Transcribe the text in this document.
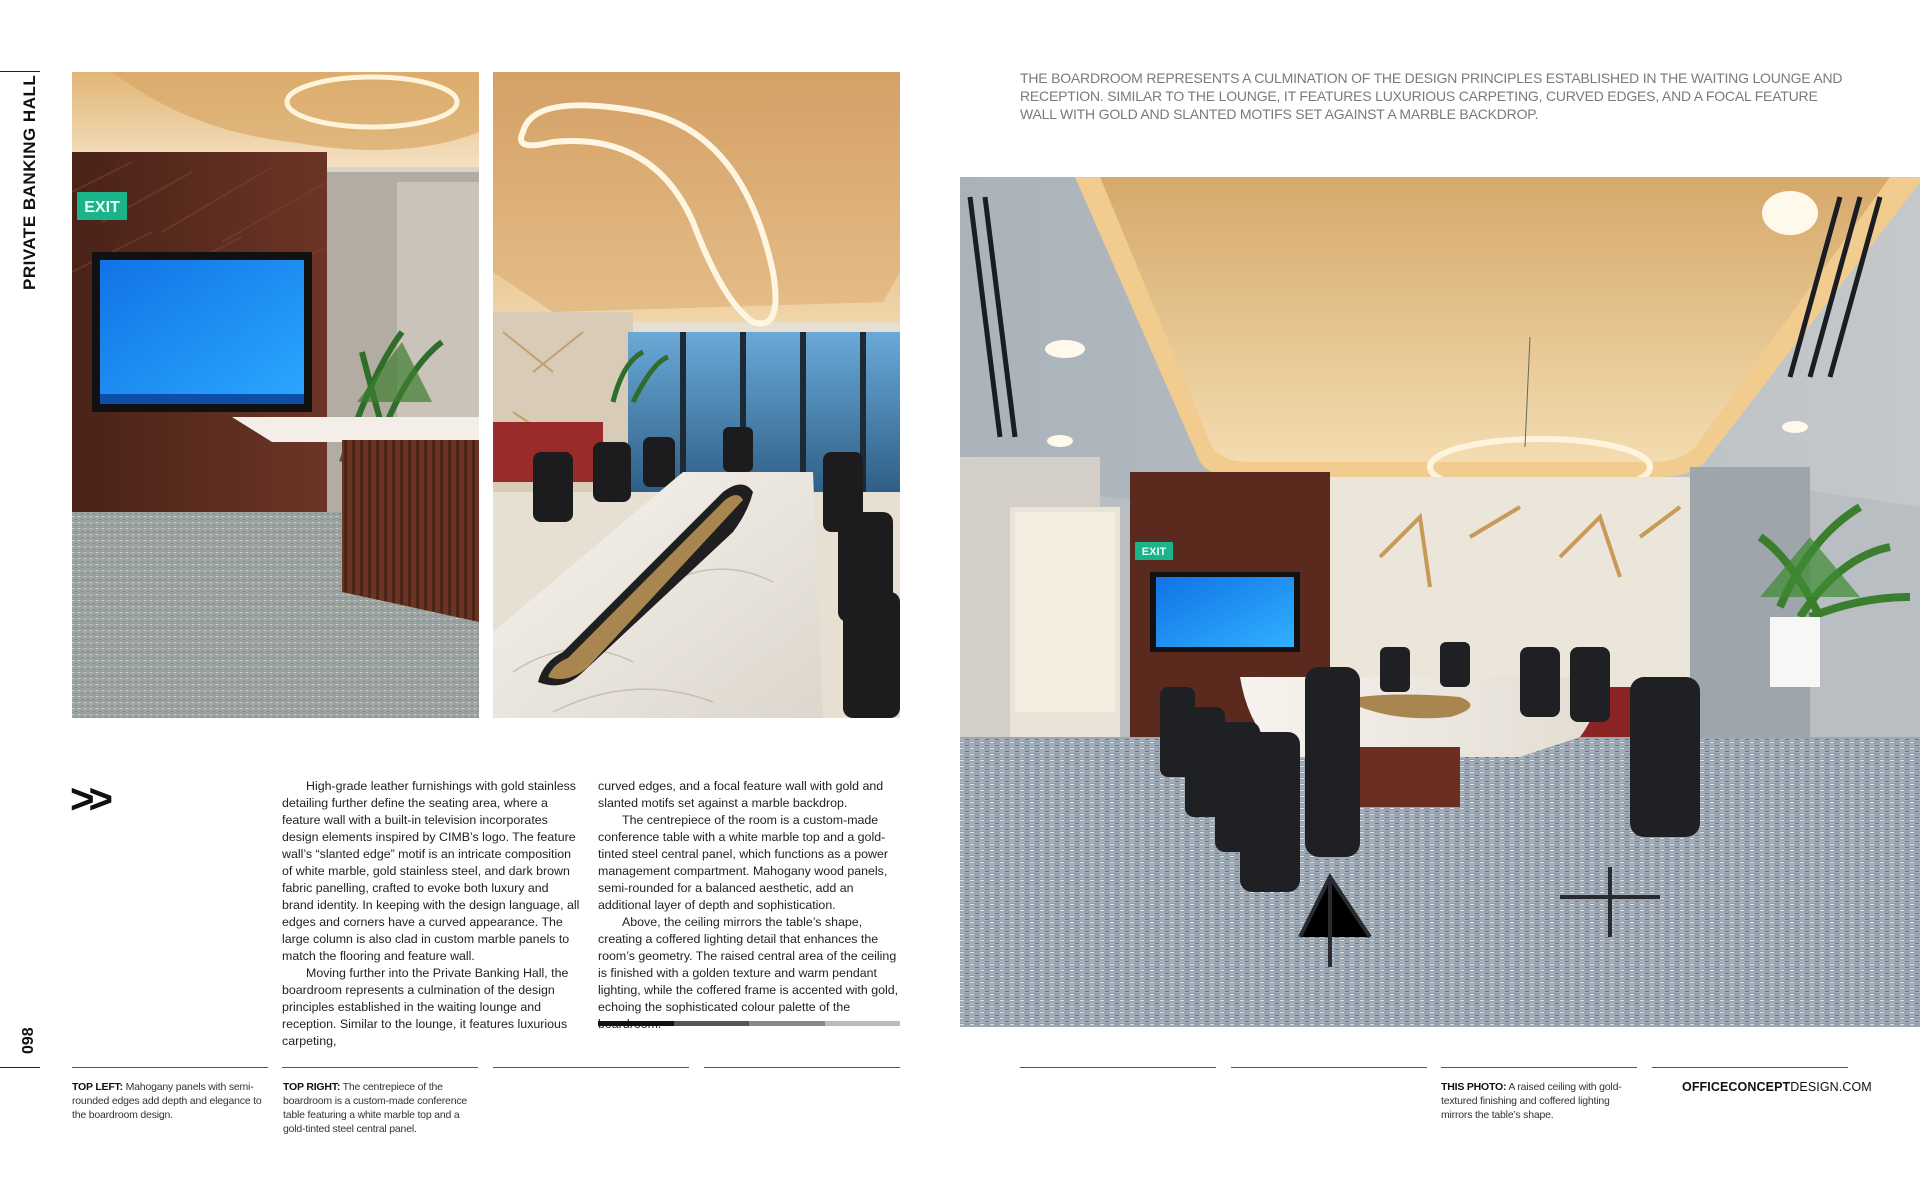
PRIVATE BANKING HALL
098
EXIT
>>	High-grade leather furnishings with gold stainless detailing further define the seating area, where a feature wall with a built-in television incorporates design elements inspired by CIMB’s logo. The feature wall’s “slanted edge” motif is an intricate composition of white marble, gold stainless steel, and dark brown fabric panelling, crafted to evoke both luxury and brand identity. In keeping with the design language, all edges and corners have a curved appearance. The large column is also clad in custom marble panels to match the flooring and feature wall.

Moving further into the Private Banking Hall, the boardroom represents a culmination of the design principles established in the waiting lounge and reception. Similar to the lounge, it features luxurious carpeting,

curved edges, and a focal feature wall with gold and slanted motifs set against a marble backdrop.

The centrepiece of the room is a custom-made conference table with a white marble top and a gold-tinted steel central panel, which functions as a power management compartment. Mahogany wood panels, semi-rounded for a balanced aesthetic, add an additional layer of depth and sophistication.

Above, the ceiling mirrors the table’s shape, creating a coffered lighting detail that enhances the room’s geometry. The raised central area of the ceiling is finished with a golden texture and warm pendant lighting, while the coffered frame is accented with gold, echoing the sophisticated colour palette of the

THE BOARDROOM REPRESENTS A CULMINATION OF THE DESIGN PRINCIPLES ESTABLISHED IN THE WAITING LOUNGE AND RECEPTION. SIMILAR TO THE LOUNGE, IT FEATURES LUXURIOUS CARPETING, CURVED EDGES, AND A FOCAL FEATURE WALL WITH GOLD AND SLANTED MOTIFS SET AGAINST A MARBLE BACKDROP.
EXIT
TOP LEFT: Mahogany panels with semi-rounded edges add depth and elegance to the boardroom design.
TOP RIGHT: The centrepiece of the boardroom is a custom-made conference table featuring a white marble top and a gold-tinted steel central panel.
THIS PHOTO: A raised ceiling with gold-textured finishing and coffered lighting mirrors the table’s shape.
OFFICECONCEPTDESIGN.COM
